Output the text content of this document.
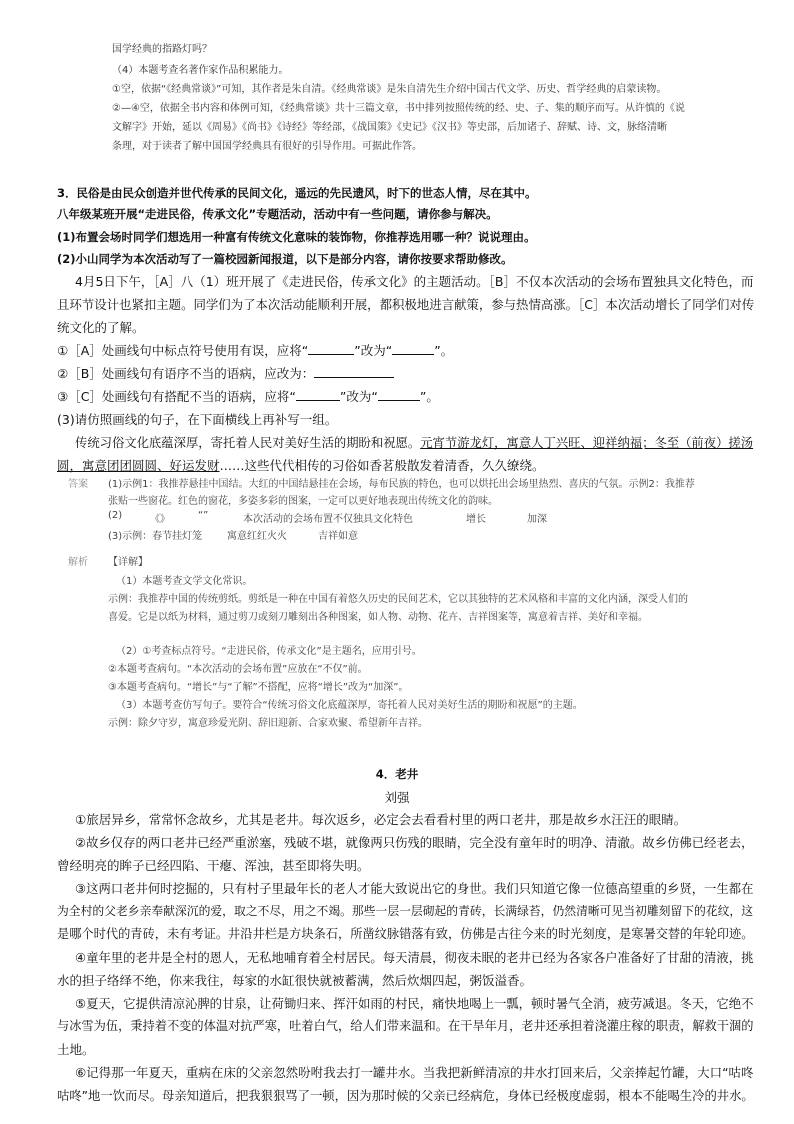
国学经典的指路灯吗？
（4）本题考查名著作家作品积累能力。
①空，依据“《经典常谈》”可知，其作者是朱自清。《经典常谈》是朱自清先生介绍中国古代文学、历史、哲学经典的启蒙读物。
②—④空，依据全书内容和体例可知，《经典常谈》共十三篇文章，书中排列按照传统的经、史、子、集的顺序而写。从许慎的《说
文解字》开始，延以《周易》《尚书》《诗经》等经部，《战国策》《史记》《汉书》等史部，后加诸子、辞赋、诗、文，脉络清晰
条理，对于读者了解中国国学经典具有很好的引导作用。可据此作答。
3．民俗是由民众创造并世代传承的民间文化，遥远的先民遗风，时下的世态人情，尽在其中。
八年级某班开展“走进民俗，传承文化”专题活动，活动中有一些问题，请你参与解决。
(1)布置会场时同学们想选用一种富有传统文化意味的装饰物，你推荐选用哪一种？说说理由。
(2)小山同学为本次活动写了一篇校园新闻报道，以下是部分内容，请你按要求帮助修改。
4月5日下午，［A］八（1）班开展了《走进民俗，传承文化》的主题活动。［B］不仅本次活动的会场布置独具文化特色，而
且环节设计也紧扣主题。同学们为了本次活动能顺利开展，都积极地进言献策，参与热情高涨。［C］本次活动增长了同学们对传
统文化的了解。
①［A］处画线句中标点符号使用有误，应将“	”改为“	”。
②［B］处画线句有语序不当的语病，应改为：
③［C］处画线句有搭配不当的语病，应将“	”改为“	”。
(3)请仿照画线的句子，在下面横线上再补写一组。
传统习俗文化底蕴深厚，寄托着人民对美好生活的期盼和祝愿。元宵节游龙灯，寓意人丁兴旺、迎祥纳福；冬至（前夜）搓汤
圆，寓意团团圆圆、好运发财……这些代代相传的习俗如香茗般散发着清香，久久缭绕。
答案 (1)示例1：我推荐悬挂中国结。大红的中国结悬挂在会场，每布民族的特色，也可以烘托出会场里热烈、喜庆的气氛。示例2：我推荐
张贴一些窗花。红色的窗花，多姿多彩的图案，一定可以更好地表现出传统文化的韵味。
(2)	《》	“”	本次活动的会场布置不仅独具文化特色	增长	加深
(3)示例：春节挂灯笼 寓意红红火火	吉祥如意
解析 【详解】
（1）本题考查文学文化常识。
示例：我推荐中国的传统剪纸。剪纸是一种在中国有着悠久历史的民间艺术，它以其独特的艺术风格和丰富的文化内涵，深受人们的
喜爱。它是以纸为材料，通过剪刀或刻刀雕刻出各种图案，如人物、动物、花卉、吉祥图案等，寓意着吉祥、美好和幸福。
（2）①考查标点符号。“走进民俗，传承文化”是主题名，应用引号。
②本题考查病句。“本次活动的会场布置”应放在“不仅”前。
③本题考查病句。“增长”与“了解”不搭配，应将“增长”改为“加深”。
（3）本题考查仿写句子。要符合“传统习俗文化底蕴深厚，寄托着人民对美好生活的期盼和祝愿”的主题。
示例：除夕守岁，寓意珍爱光阴、辞旧迎新、合家欢聚、希望新年吉祥。
4．老井
刘强
①旅居异乡，常常怀念故乡，尤其是老井。每次返乡，必定会去看看村里的两口老井，那是故乡水汪汪的眼睛。
②故乡仅存的两口老井已经严重淤塞，残破不堪，就像两只伤残的眼睛，完全没有童年时的明净、清澈。故乡仿佛已经老去，
曾经明亮的眸子已经四陷、干瘪、浑浊，甚至即将失明。
③这两口老井何时挖掘的，只有村子里最年长的老人才能大致说出它的身世。我们只知道它像一位德高望重的乡贤，一生都在
为全村的父老乡亲奉献深沉的爱，取之不尽，用之不竭。那些一层一层砌起的青砖，长满绿苔，仍然清晰可见当初雕刻留下的花纹，这
是哪个时代的青砖，未有考证。井沿井栏是方块条石，所凿纹脉错落有致，仿佛是古往今来的时光刻度，是寒暑交替的年轮印迹。
④童年里的老井是全村的恩人，无私地哺育着全村居民。每天清晨，彻夜未眠的老井已经为各家各户准备好了甘甜的清液，挑
水的担子络绎不绝，你来我往，每家的水缸很快就被蓄满，然后炊烟四起，粥饭溢香。
⑤夏天，它提供清凉沁脾的甘泉，让荷锄归来、挥汗如雨的村民，痛快地喝上一瓢，顿时暑气全消，疲劳减退。冬天，它绝不
与冰雪为伍，秉持着不变的体温对抗严寒，吐着白气，给人们带来温和。在干旱年月，老井还承担着浇灌庄稼的职责，解救干涸的
土地。
⑥记得那一年夏天，重病在床的父亲忽然吩咐我去打一罐井水。当我把新鲜清凉的井水打回来后，父亲捧起竹罐，大口“咕咚
咕咚”地一饮而尽。母亲知道后，把我狠狠骂了一顿，因为那时候的父亲已经病危，身体已经极度虚弱，根本不能喝生冷的井水。
